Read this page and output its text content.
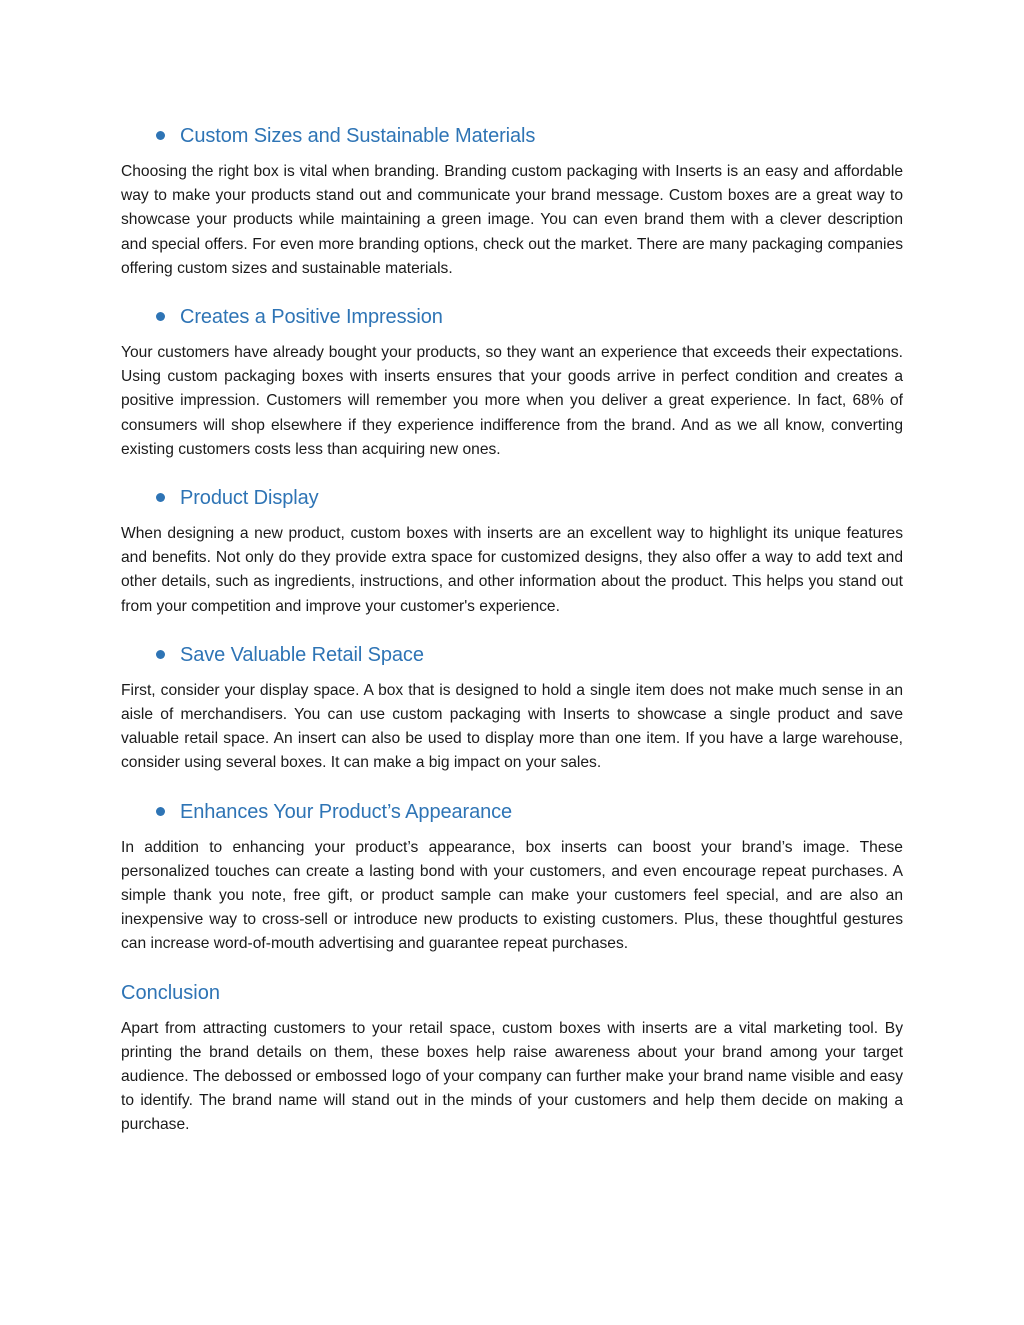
Custom Sizes and Sustainable Materials

Choosing the right box is vital when branding. Branding custom packaging with Inserts is an easy and affordable way to make your products stand out and communicate your brand message. Custom boxes are a great way to showcase your products while maintaining a green image. You can even brand them with a clever description and special offers. For even more branding options, check out the market. There are many packaging companies offering custom sizes and sustainable materials.

Creates a Positive Impression

Your customers have already bought your products, so they want an experience that exceeds their expectations. Using custom packaging boxes with inserts ensures that your goods arrive in perfect condition and creates a positive impression. Customers will remember you more when you deliver a great experience. In fact, 68% of consumers will shop elsewhere if they experience indifference from the brand. And as we all know, converting existing customers costs less than acquiring new ones.

Product Display

When designing a new product, custom boxes with inserts are an excellent way to highlight its unique features and benefits. Not only do they provide extra space for customized designs, they also offer a way to add text and other details, such as ingredients, instructions, and other information about the product. This helps you stand out from your competition and improve your customer's experience.

Save Valuable Retail Space

First, consider your display space. A box that is designed to hold a single item does not make much sense in an aisle of merchandisers. You can use custom packaging with Inserts to showcase a single product and save valuable retail space. An insert can also be used to display more than one item. If you have a large warehouse, consider using several boxes. It can make a big impact on your sales.

Enhances Your Product’s Appearance

In addition to enhancing your product’s appearance, box inserts can boost your brand’s image. These personalized touches can create a lasting bond with your customers, and even encourage repeat purchases. A simple thank you note, free gift, or product sample can make your customers feel special, and are also an inexpensive way to cross-sell or introduce new products to existing customers. Plus, these thoughtful gestures can increase word-of-mouth advertising and guarantee repeat purchases.

Conclusion

Apart from attracting customers to your retail space, custom boxes with inserts are a vital marketing tool. By printing the brand details on them, these boxes help raise awareness about your brand among your target audience. The debossed or embossed logo of your company can further make your brand name visible and easy to identify. The brand name will stand out in the minds of your customers and help them decide on making a purchase.
